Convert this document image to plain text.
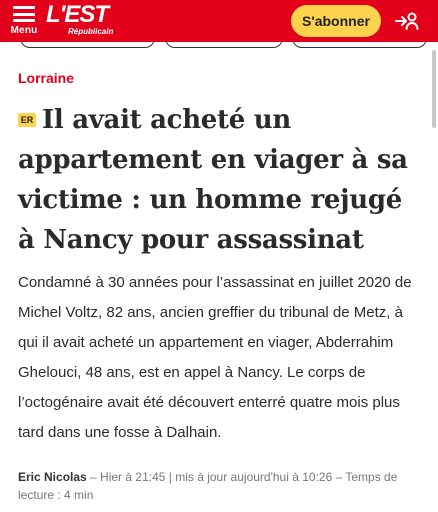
Menu
L'EST
Républicain
S'abonner
Lorraine
ER Il avait acheté un appartement en viager à sa victime : un homme rejugé à Nancy pour assassinat

Condamné à 30 années pour l’assassinat en juillet 2020 de Michel Voltz, 82 ans, ancien greffier du tribunal de Metz, à qui il avait acheté un appartement en viager, Abderrahim Ghelouci, 48 ans, est en appel à Nancy. Le corps de l’octogénaire avait été découvert enterré quatre mois plus tard dans une fosse à Dalhain.

Eric Nicolas – Hier à 21:45 | mis à jour aujourd'hui à 10:26 – Temps de lecture : 4 min
